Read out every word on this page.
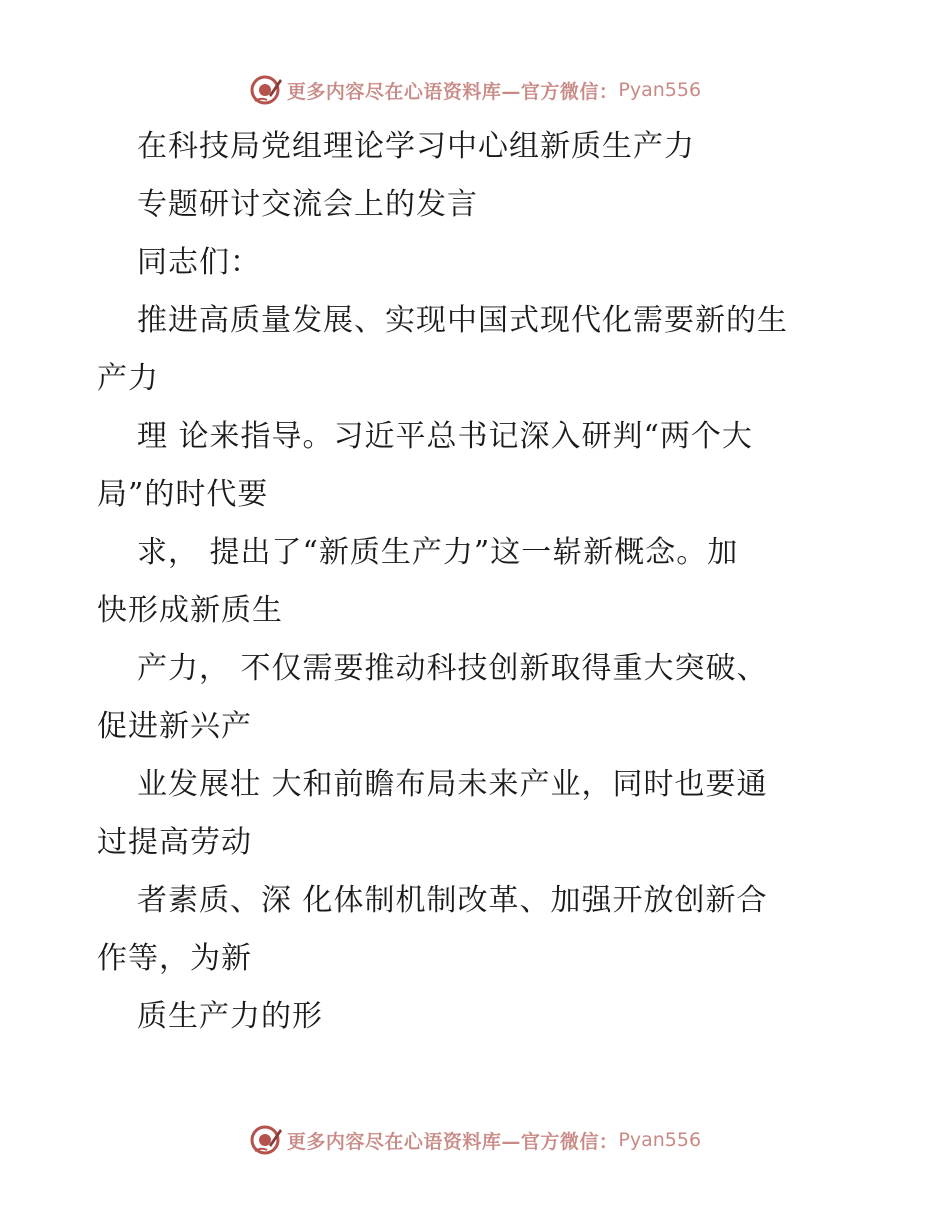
更多内容尽在心语资料库—官方微信： Pyan556
在科技局党组理论学习中心组新质生产力
专题研讨交流会上的发言
同志们：
推进高质量发展、实现中国式现代化需要新的生
产力
理 论来指导。习近平总书记深入研判“两个大
局”的时代要
求， 提出了“新质生产力”这一崭新概念。加
快形成新质生
产力， 不仅需要推动科技创新取得重大突破、
促进新兴产
业发展壮 大和前瞻布局未来产业，同时也要通
过提高劳动
者素质、深 化体制机制改革、加强开放创新合
作等，为新
质生产力的形
更多内容尽在心语资料库—官方微信： Pyan556
